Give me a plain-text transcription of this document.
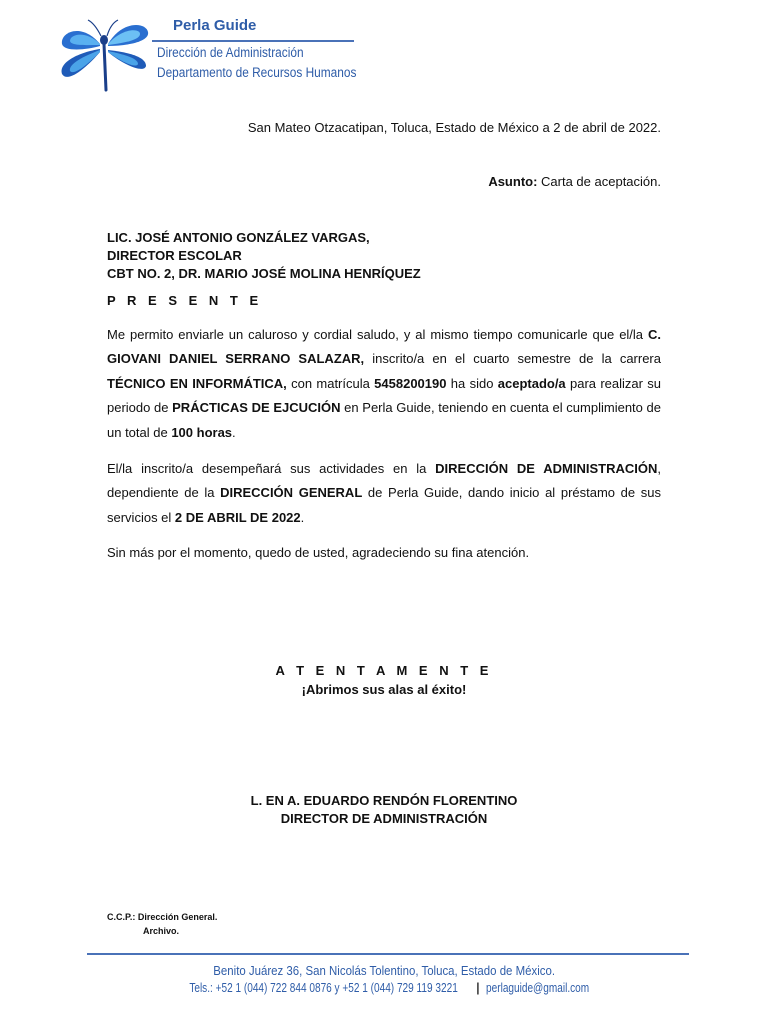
Perla Guide
Dirección de Administración
Departamento de Recursos Humanos
San Mateo Otzacatipan, Toluca, Estado de México a 2 de abril de 2022.
Asunto: Carta de aceptación.
LIC. JOSÉ ANTONIO GONZÁLEZ VARGAS,
DIRECTOR ESCOLAR
CBT NO. 2, DR. MARIO JOSÉ MOLINA HENRÍQUEZ
P R E S E N T E
Me permito enviarle un caluroso y cordial saludo, y al mismo tiempo comunicarle que el/la C. GIOVANI DANIEL SERRANO SALAZAR, inscrito/a en el cuarto semestre de la carrera TÉCNICO EN INFORMÁTICA, con matrícula 5458200190 ha sido aceptado/a para realizar su periodo de PRÁCTICAS DE EJCUCIÓN en Perla Guide, teniendo en cuenta el cumplimiento de un total de 100 horas.
El/la inscrito/a desempeñará sus actividades en la DIRECCIÓN DE ADMINISTRACIÓN, dependiente de la DIRECCIÓN GENERAL de Perla Guide, dando inicio al préstamo de sus servicios el 2 DE ABRIL DE 2022.
Sin más por el momento, quedo de usted, agradeciendo su fina atención.
A T E N T A M E N T E
¡Abrimos sus alas al éxito!
L. EN A. EDUARDO RENDÓN FLORENTINO
DIRECTOR DE ADMINISTRACIÓN
C.C.P.: Dirección General.
Archivo.
Benito Juárez 36, San Nicolás Tolentino, Toluca, Estado de México.
Tels.: +52 1 (044) 722 844 0876 y +52 1 (044) 729 119 3221| perlaguide@gmail.com
